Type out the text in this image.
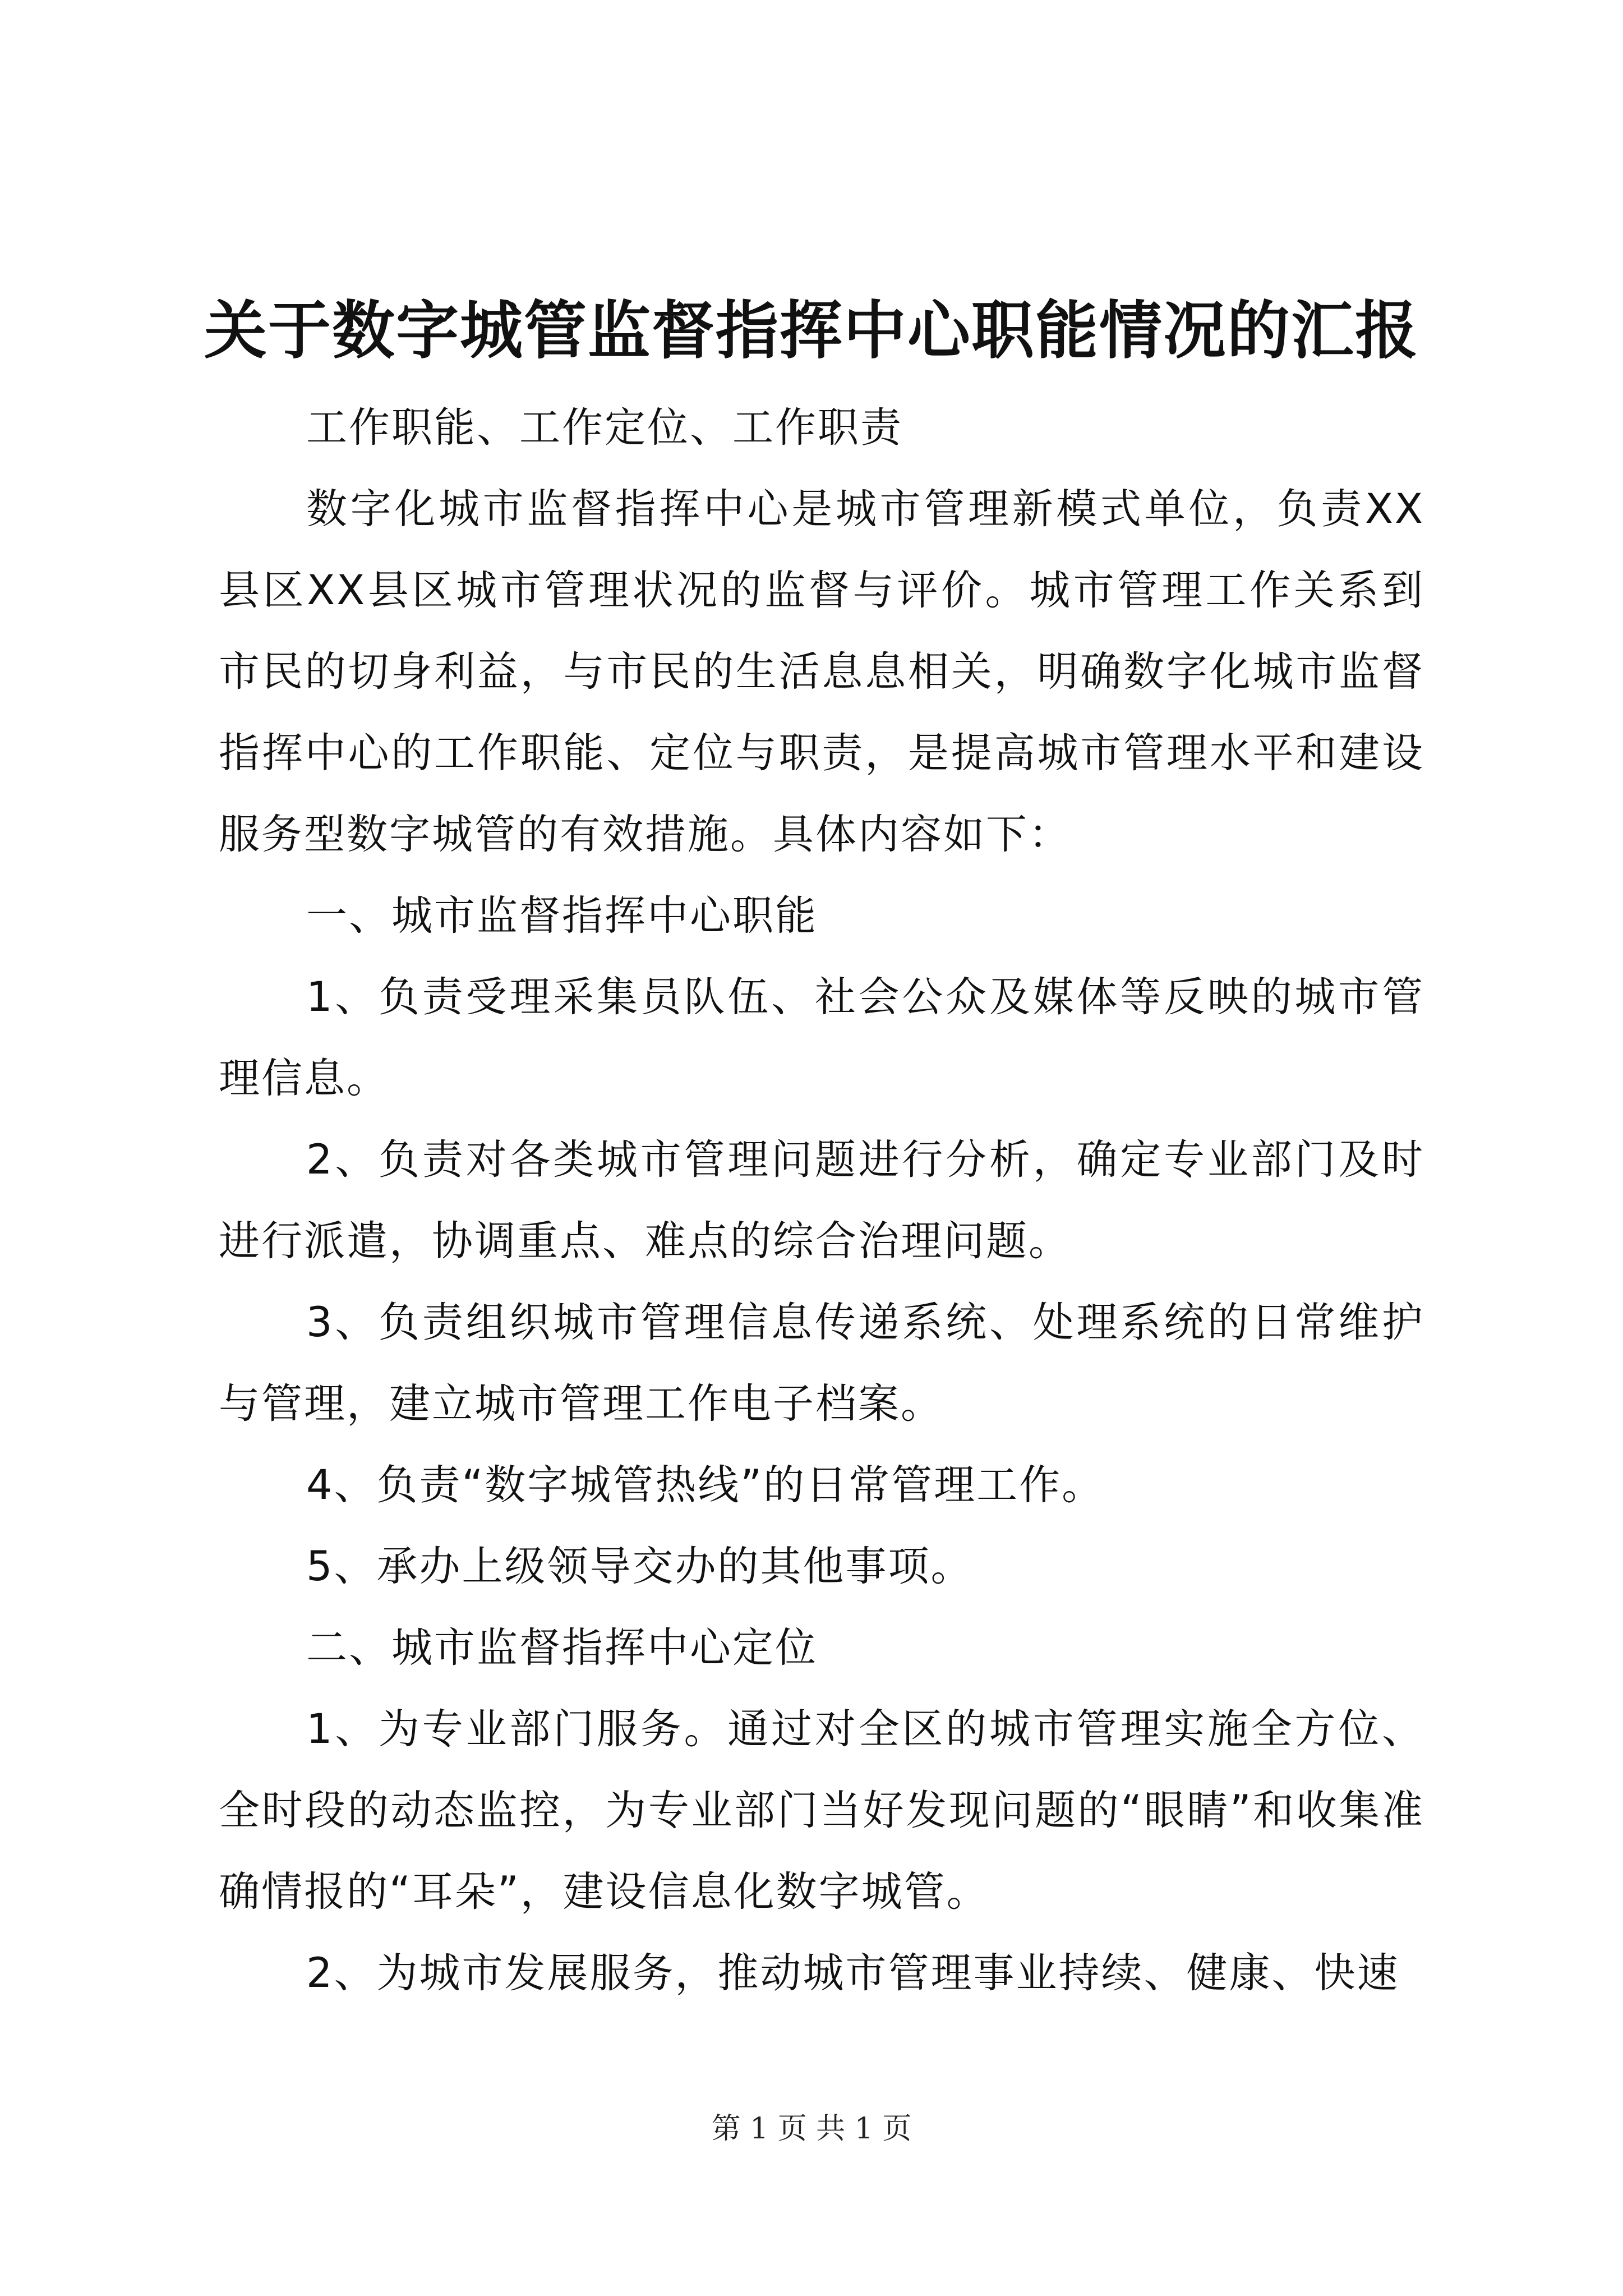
关于数字城管监督指挥中心职能情况的汇报

工作职能、工作定位、工作职责

数字化城市监督指挥中心是城市管理新模式单位，负责XX县区XX县区城市管理状况的监督与评价。城市管理工作关系到市民的切身利益，与市民的生活息息相关，明确数字化城市监督指挥中心的工作职能、定位与职责，是提高城市管理水平和建设服务型数字城管的有效措施。具体内容如下：

一、城市监督指挥中心职能

1、负责受理采集员队伍、社会公众及媒体等反映的城市管理信息。

2、负责对各类城市管理问题进行分析，确定专业部门及时进行派遣，协调重点、难点的综合治理问题。

3、负责组织城市管理信息传递系统、处理系统的日常维护与管理，建立城市管理工作电子档案。

4、负责“数字城管热线”的日常管理工作。

5、承办上级领导交办的其他事项。

二、城市监督指挥中心定位

1、为专业部门服务。通过对全区的城市管理实施全方位、全时段的动态监控，为专业部门当好发现问题的“眼睛”和收集准确情报的“耳朵”，建设信息化数字城管。

2、为城市发展服务，推动城市管理事业持续、健康、快速

第 1 页 共 1 页
